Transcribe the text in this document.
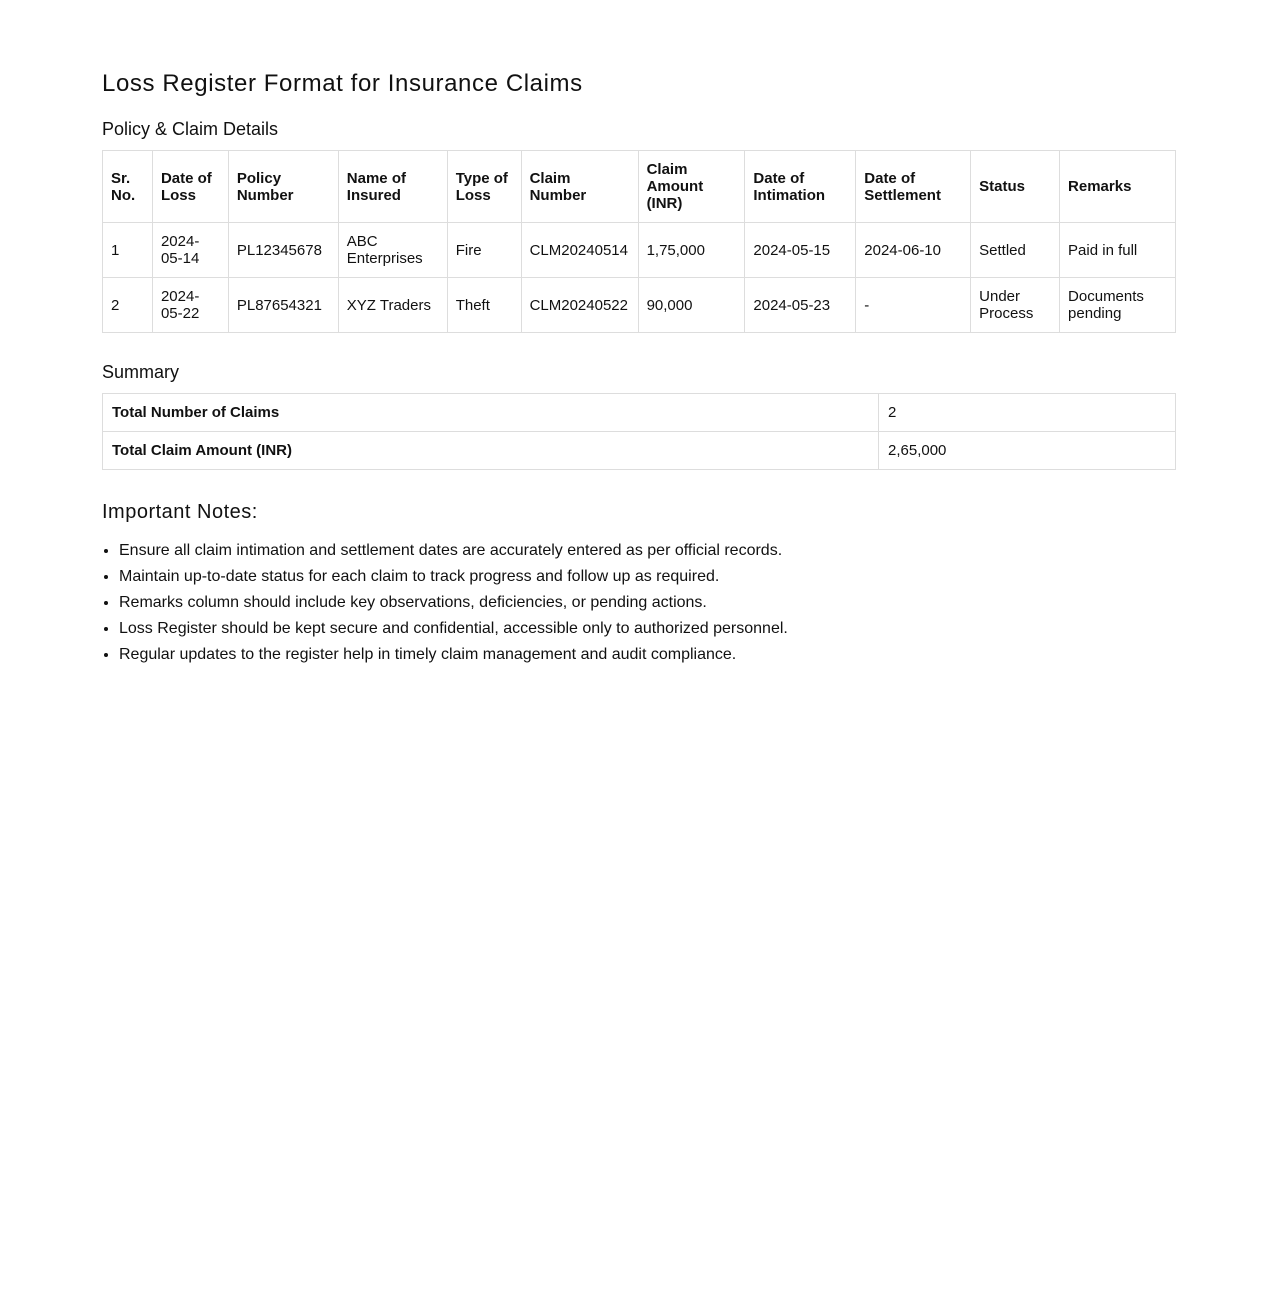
Loss Register Format for Insurance Claims
Policy & Claim Details
Sr. No.	Date of Loss	Policy Number	Name of Insured	Type of Loss	Claim Number	Claim Amount (INR)	Date of Intimation	Date of Settlement	Status	Remarks
1	2024-05-14	PL12345678	ABC Enterprises	Fire	CLM20240514	1,75,000	2024-05-15	2024-06-10	Settled	Paid in full
2	2024-05-22	PL87654321	XYZ Traders	Theft	CLM20240522	90,000	2024-05-23	-	Under Process	Documents pending
Summary
Total Number of Claims	2
Total Claim Amount (INR)	2,65,000
Important Notes:
• Ensure all claim intimation and settlement dates are accurately entered as per official records.
• Maintain up-to-date status for each claim to track progress and follow up as required.
• Remarks column should include key observations, deficiencies, or pending actions.
• Loss Register should be kept secure and confidential, accessible only to authorized personnel.
• Regular updates to the register help in timely claim management and audit compliance.
